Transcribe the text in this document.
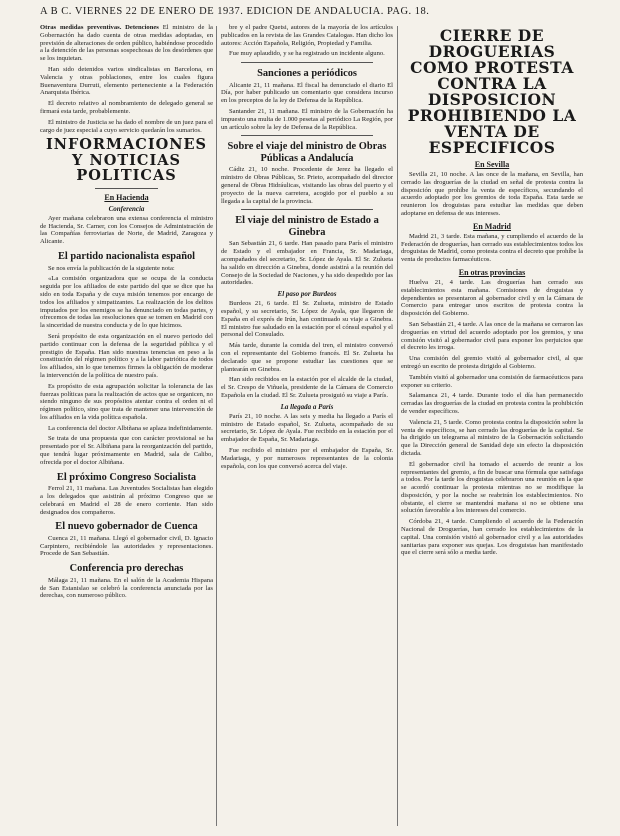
A B C. VIERNES 22 DE ENERO DE 1937. EDICION DE ANDALUCIA. PAG. 18.

Otras medidas preventivas. Detenciones El ministro de la Gobernación ha dado cuenta de otras medidas adoptadas, en previsión de alteraciones de orden público, habiéndose procedido a la detención de las personas sospechosas de los desórdenes que se los inquietan.

Han sido detenidos varios sindicalistas en Barcelona, en Valencia y otras poblaciones, entre los cuales figura Buenaventura Durruti, elemento perteneciente a la Federación Anarquista Ibérica.

El decreto relativo al nombramiento de delegado general se firmará esta tarde, probablemente.

El ministro de Justicia se ha dado el nombre de un juez para el cargo de juez especial a cuyo servicio quedarán los sumarios.

INFORMACIONES Y NOTICIAS POLITICAS
En Hacienda
Conferencia

Ayer mañana celebraron una extensa conferencia el ministro de Hacienda, Sr. Carner, con los Consejos de Administración de las Compañías ferroviarias de Norte, de Madrid, Zaragoza y Alicante.

El partido nacionalista español

Se nos envía la publicación de la siguiente nota:

«La comisión organizadora que se ocupa de la conducta seguida por los afiliados de este partido del que se dice que ha sido en toda España y de cuya misión tenemos por encargo de todos los afiliados y simpatizantes. La realización de los delitos imputados por los enemigos se ha denunciado en todas partes, y ofrecemos de todas las resoluciones que se tomen en Madrid con la sinceridad de nuestra conducta y de lo que hicimos.

Será propósito de esta organización en el nuevo periodo del partido continuar con la defensa de la seguridad pública y el prestigio de España. Han sido nuestras tenencias en peso a la constitución del régimen político y a la labor patriótica de todos los afiliados, sin lo que tenemos firmes la obligación de moderar la intervención de la política de nuestro país.

Es propósito de esta agrupación solicitar la tolerancia de las fuerzas políticas para la realización de actos que se organicen, no siendo ninguno de sus propósitos atentar contra el orden ni el régimen político, sino que trata de mantener una intervención de los afiliados en la vida política española.

La conferencia del doctor Albiñana se aplaza indefinidamente.

Se trata de una propuesta que con carácter provisional se ha presentado por el Sr. Albiñana para la reorganización del partido, que tendrá lugar próximamente en Madrid, sala de Calibo, ofrecida por el doctor Albiñana.

El próximo Congreso Socialista

Ferrol 21, 11 mañana. Las Juventudes Socialistas han elegido a los delegados que asistirán al próximo Congreso que se celebrará en Madrid el 28 de enero corriente. Han sido designados dos compañeros.

El nuevo gobernador de Cuenca

Cuenca 21, 11 mañana. Llegó el gobernador civil, D. Ignacio Carpintero, recibiéndole las autoridades y representaciones. Procede de San Sebastián.

Conferencia pro derechas

Málaga 21, 11 mañana. En el salón de la Academia Hispana de San Estanislao se celebró la conferencia anunciada por las derechas, con numeroso público.

bre y el padre Quetsi, autores de la mayoría de los artículos publicados en la revista de las Grandes Catalogas. Han dicho los autores: Acción Española, Religión, Propiedad y Familia.

Fue muy aplaudido, y se ha registrado un incidente alguno.

Sanciones a periódicos

Alicante 21, 11 mañana. El fiscal ha denunciado el diario El Día, por haber publicado un comentario que considera incurso en los preceptos de la ley de Defensa de la República.

Santander 21, 11 mañana. El ministro de la Gobernación ha impuesto una multa de 1.000 pesetas al periódico La Región, por un artículo sobre la ley de Defensa de la República.

Sobre el viaje del ministro de Obras Públicas a Andalucía

Cádiz 21, 10 noche. Procedente de Jerez ha llegado el ministro de Obras Públicas, Sr. Prieto, acompañado del director general de Obras Hidráulicas, visitando las obras del puerto y el proyecto de la nueva carretera, acogido por el pueblo a su llegada a la capital de la provincia.

El viaje del ministro de Estado a Ginebra

San Sebastián 21, 6 tarde. Han pasado para París el ministro de Estado y el embajador en Francia, Sr. Madariaga, acompañados del secretario, Sr. López de Ayala. El Sr. Zulueta ha salido en dirección a Ginebra, donde asistirá a la reunión del Consejo de la Sociedad de Naciones, y ha sido despedido por las autoridades.

El paso por Burdeos

Burdeos 21, 6 tarde. El Sr. Zulueta, ministro de Estado español, y su secretario, Sr. López de Ayala, que llegaron de España en el exprés de Irún, han continuado su viaje a Ginebra. El ministro fue saludado en la estación por el cónsul español y el personal del Consulado.

Más tarde, durante la comida del tren, el ministro conversó con el representante del Gobierno francés. El Sr. Zulueta ha declarado que se propone estudiar las cuestiones que se plantearán en Ginebra.

Han sido recibidos en la estación por el alcalde de la ciudad, el Sr. Crespo de Viñuela, presidente de la Cámara de Comercio Española en la ciudad. El Sr. Zulueta prosiguió su viaje a París.

La llegada a París

París 21, 10 noche. A las seis y media ha llegado a París el ministro de Estado español, Sr. Zulueta, acompañado de su secretario, Sr. López de Ayala. Fue recibido en la estación por el embajador de España, Sr. Madariaga.

Fue recibido el ministro por el embajador de España, Sr. Madariaga, y por numerosos representantes de la colonia española, con los que conversó acerca del viaje.

CIERRE DE DROGUERIAS COMO PROTESTA CONTRA LA DISPOSICION PROHIBIENDO LA VENTA DE ESPECIFICOS
En Sevilla

Sevilla 21, 10 noche. A las once de la mañana, en Sevilla, han cerrado las droguerías de la ciudad en señal de protesta contra la disposición que prohíbe la venta de específicos, secundando el acuerdo adoptado por los gremios de toda España. Esta tarde se reunieron los droguistas para estudiar las medidas que deben adoptarse en defensa de sus intereses.

En Madrid

Madrid 21, 3 tarde. Esta mañana, y cumpliendo el acuerdo de la Federación de droguerías, han cerrado sus establecimientos todos los droguistas de Madrid, como protesta contra el decreto que prohíbe la venta de productos farmacéuticos.

En otras provincias

Huelva 21, 4 tarde. Las droguerías han cerrado sus establecimientos esta mañana. Comisiones de droguistas y dependientes se presentaron al gobernador civil y en la Cámara de Comercio para entregar unos escritos de protesta contra la disposición del Gobierno.

San Sebastián 21, 4 tarde. A las once de la mañana se cerraron las droguerías en virtud del acuerdo adoptado por los gremios, y una comisión visitó al gobernador civil para exponer los perjuicios que el decreto les irroga.

Una comisión del gremio visitó al gobernador civil, al que entregó un escrito de protesta dirigido al Gobierno.

También visitó al gobernador una comisión de farmacéuticos para exponer su criterio.

Salamanca 21, 4 tarde. Durante todo el día han permanecido cerradas las droguerías de la ciudad en protesta contra la prohibición de vender específicos.

Valencia 21, 5 tarde. Como protesta contra la disposición sobre la venta de específicos, se han cerrado las droguerías de la capital. Se ha dirigido un telegrama al ministro de la Gobernación solicitando que la Dirección general de Sanidad deje sin efecto la disposición dictada.

El gobernador civil ha tomado el acuerdo de reunir a los representantes del gremio, a fin de buscar una fórmula que satisfaga a todos. Por la tarde los droguistas celebraron una reunión en la que se acordó continuar la protesta mientras no se modifique la disposición, y por la noche se reabrirán los establecimientos. No obstante, el cierre se mantendrá mañana si no se obtiene una solución favorable a los intereses del comercio.

Córdoba 21, 4 tarde. Cumpliendo el acuerdo de la Federación Nacional de Droguerías, han cerrado los establecimientos de la capital. Una comisión visitó al gobernador civil y a las autoridades sanitarias para exponer sus quejas. Los droguistas han manifestado que el cierre será sólo a media tarde.
